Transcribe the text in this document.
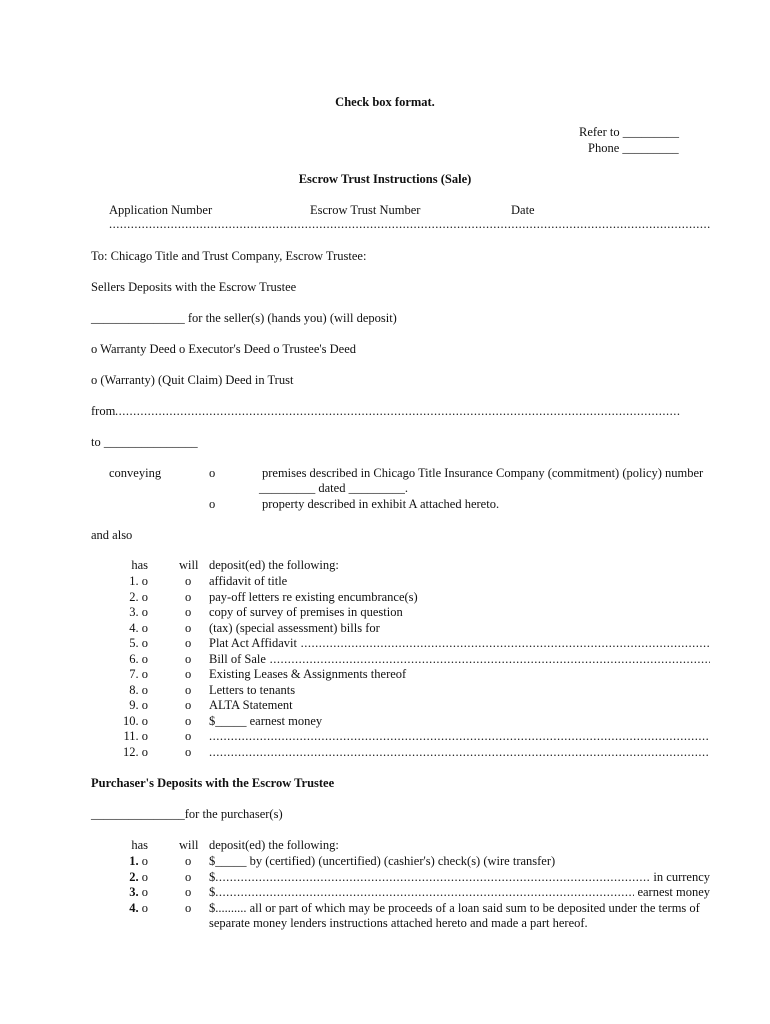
Check box format.
Refer to _________
Phone _________
Escrow Trust Instructions (Sale)
Application Number	Escrow Trust Number	Date
.....
To: Chicago Title and Trust Company, Escrow Trustee:
Sellers Deposits with the Escrow Trustee
_______________ for the seller(s) (hands you) (will deposit)
o Warranty Deed o Executor's Deed o Trustee's Deed
o (Warranty) (Quit Claim) Deed in Trust
from
.....
to _______________
conveying	o	premises described in Chicago Title Insurance Company (commitment) (policy) number
_________ dated _________.
o	property described in exhibit A attached hereto.
and also
has will deposit(ed) the following:
1. o	o affidavit of title
2. o	o pay-off letters re existing encumbrance(s)
3. o	o copy of survey of premises in question
4. o	o (tax) (special assessment) bills for
5. o	o Plat Act Affidavit .....
6. o	o Bill of Sale .....
7. o	o Existing Leases & Assignments thereof
8. o	o Letters to tenants
9. o	o ALTA Statement
10. o	o $_____ earnest money
11. o	o
.....
12. o	o
.....
Purchaser's Deposits with the Escrow Trustee
_______________for the purchaser(s)
has will deposit(ed) the following:
1. o	o $_____ by (certified) (uncertified) (cashier's) check(s) (wire transfer)
2. o	o $ .....	in currency
3. o	o $ .....	earnest money
4. o	o $.......... all or part of which may be proceeds of a loan said sum to be deposited under the terms of
separate money lenders instructions attached hereto and made a part hereof.
